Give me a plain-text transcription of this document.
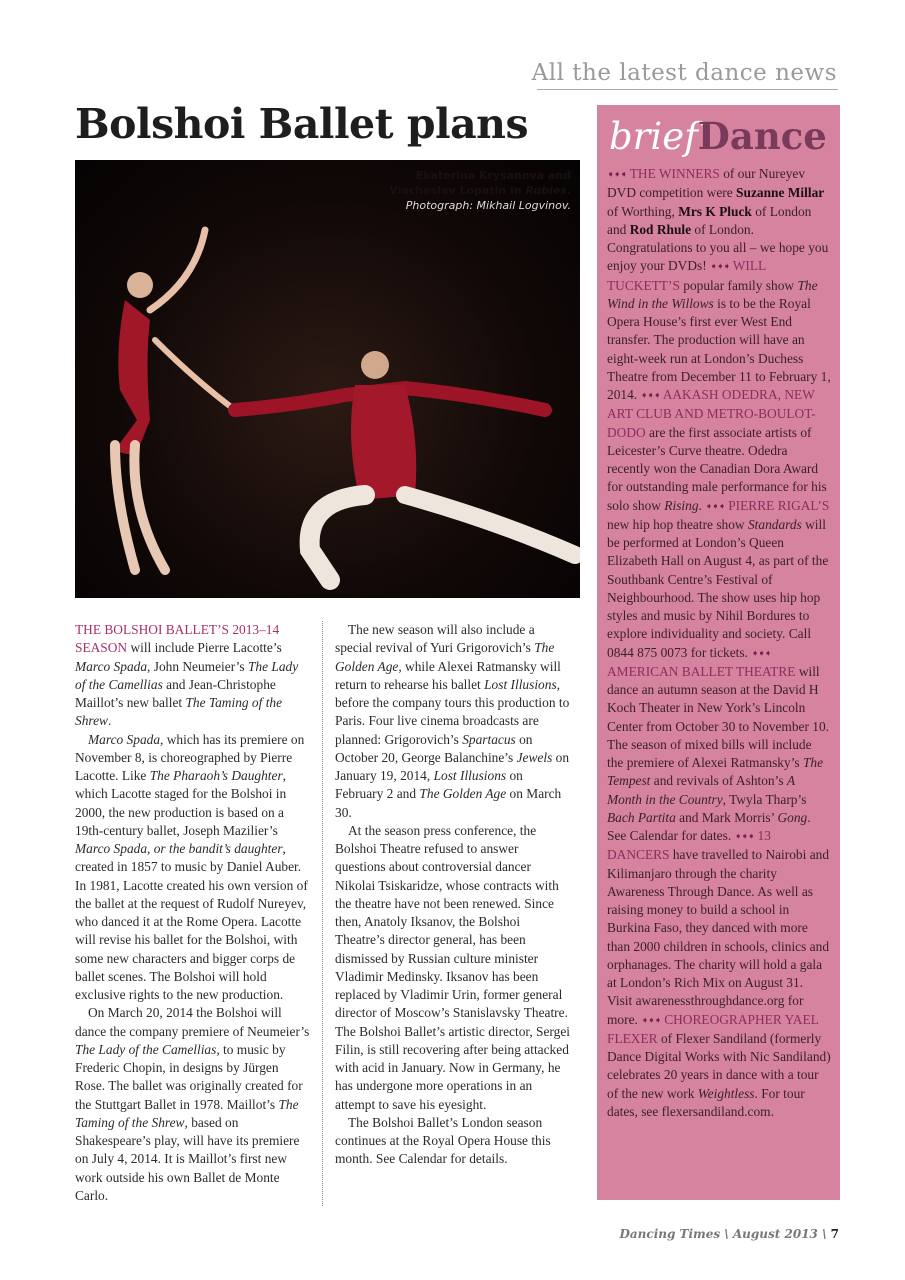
All the latest dance news
Bolshoi Ballet plans
Ekaterina Krysanova and
Viacheslav Lopatin in Rubies.
Photograph: Mikhail Logvinov.

THE BOLSHOI BALLET’S 2013–14 SEASON will include Pierre Lacotte’s Marco Spada, John Neumeier’s The Lady of the Camellias and Jean-Christophe Maillot’s new ballet The Taming of the Shrew.

Marco Spada, which has its premiere on November 8, is choreographed by Pierre Lacotte. Like The Pharaoh’s Daughter, which Lacotte staged for the Bolshoi in 2000, the new production is based on a 19th-century ballet, Joseph Mazilier’s Marco Spada, or the bandit’s daughter, created in 1857 to music by Daniel Auber. In 1981, Lacotte created his own version of the ballet at the request of Rudolf Nureyev, who danced it at the Rome Opera. Lacotte will revise his ballet for the Bolshoi, with some new characters and bigger corps de ballet scenes. The Bolshoi will hold exclusive rights to the new production.

On March 20, 2014 the Bolshoi will dance the company premiere of Neumeier’s The Lady of the Camellias, to music by Frederic Chopin, in designs by Jürgen Rose. The ballet was originally created for the Stuttgart Ballet in 1978. Maillot’s The Taming of the Shrew, based on Shakespeare’s play, will have its premiere on July 4, 2014. It is Maillot’s first new work outside his own Ballet de Monte Carlo.

The new season will also include a special revival of Yuri Grigorovich’s The Golden Age, while Alexei Ratmansky will return to rehearse his ballet Lost Illusions, before the company tours this production to Paris. Four live cinema broadcasts are planned: Grigorovich’s Spartacus on October 20, George Balanchine’s Jewels on January 19, 2014, Lost Illusions on February 2 and The Golden Age on March 30.

At the season press conference, the Bolshoi Theatre refused to answer questions about controversial dancer Nikolai Tsiskaridze, whose contracts with the theatre have not been renewed. Since then, Anatoly Iksanov, the Bolshoi Theatre’s director general, has been dismissed by Russian culture minister Vladimir Medinsky. Iksanov has been replaced by Vladimir Urin, former general director of Moscow’s Stanislavsky Theatre. The Bolshoi Ballet’s artistic director, Sergei Filin, is still recovering after being attacked with acid in January. Now in Germany, he has undergone more operations in an attempt to save his eyesight.

The Bolshoi Ballet’s London season continues at the Royal Opera House this month. See Calendar for details.

briefDance

➧➧➧ THE WINNERS of our Nureyev DVD competition were Suzanne Millar of Worthing, Mrs K Pluck of London and Rod Rhule of London. Congratulations to you all – we hope you enjoy your DVDs! ➧➧➧ WILL TUCKETT’S popular family show The Wind in the Willows is to be the Royal Opera House’s first ever West End transfer. The production will have an eight-week run at London’s Duchess Theatre from December 11 to February 1, 2014. ➧➧➧ AAKASH ODEDRA, NEW ART CLUB AND METRO-BOULOT-DODO are the first associate artists of Leicester’s Curve theatre. Odedra recently won the Canadian Dora Award for outstanding male performance for his solo show Rising. ➧➧➧ PIERRE RIGAL’S new hip hop theatre show Standards will be performed at London’s Queen Elizabeth Hall on August 4, as part of the Southbank Centre’s Festival of Neighbourhood. The show uses hip hop styles and music by Nihil Bordures to explore individuality and society. Call 0844 875 0073 for tickets. ➧➧➧ AMERICAN BALLET THEATRE will dance an autumn season at the David H Koch Theater in New York’s Lincoln Center from October 30 to November 10. The season of mixed bills will include the premiere of Alexei Ratmansky’s The Tempest and revivals of Ashton’s A Month in the Country, Twyla Tharp’s Bach Partita and Mark Morris’ Gong. See Calendar for dates. ➧➧➧ 13 DANCERS have travelled to Nairobi and Kilimanjaro through the charity Awareness Through Dance. As well as raising money to build a school in Burkina Faso, they danced with more than 2000 children in schools, clinics and orphanages. The charity will hold a gala at London’s Rich Mix on August 31. Visit awarenessthroughdance.org for more. ➧➧➧ CHOREOGRAPHER YAEL FLEXER of Flexer Sandiland (formerly Dance Digital Works with Nic Sandiland) celebrates 20 years in dance with a tour of the new work Weightless. For tour dates, see flexersandiland.com.

Dancing Times \ August 2013 \ 7
